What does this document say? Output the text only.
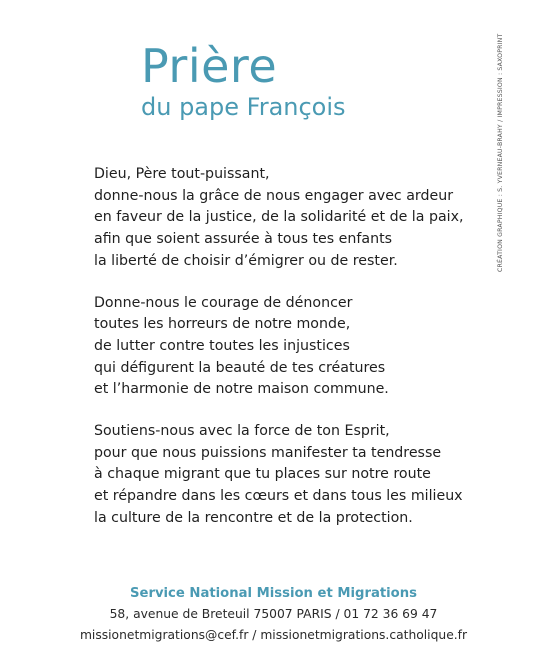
Prière
du pape François

Dieu, Père tout-puissant,
donne-nous la grâce de nous engager avec ardeur
en faveur de la justice, de la solidarité et de la paix,
afin que soient assurée à tous tes enfants
la liberté de choisir d’émigrer ou de rester.

Donne-nous le courage de dénoncer
toutes les horreurs de notre monde,
de lutter contre toutes les injustices
qui défigurent la beauté de tes créatures
et l’harmonie de notre maison commune.

Soutiens-nous avec la force de ton Esprit,
pour que nous puissions manifester ta tendresse
à chaque migrant que tu places sur notre route
et répandre dans les cœurs et dans tous les milieux
la culture de la rencontre et de la protection.

CRÉATION GRAPHIQUE : S. YVERNEAU-BRAHY / IMPRESSION : SAXOPRINT
Service National Mission et Migrations
58, avenue de Breteuil 75007 PARIS / 01 72 36 69 47
missionetmigrations@cef.fr / missionetmigrations.catholique.fr
